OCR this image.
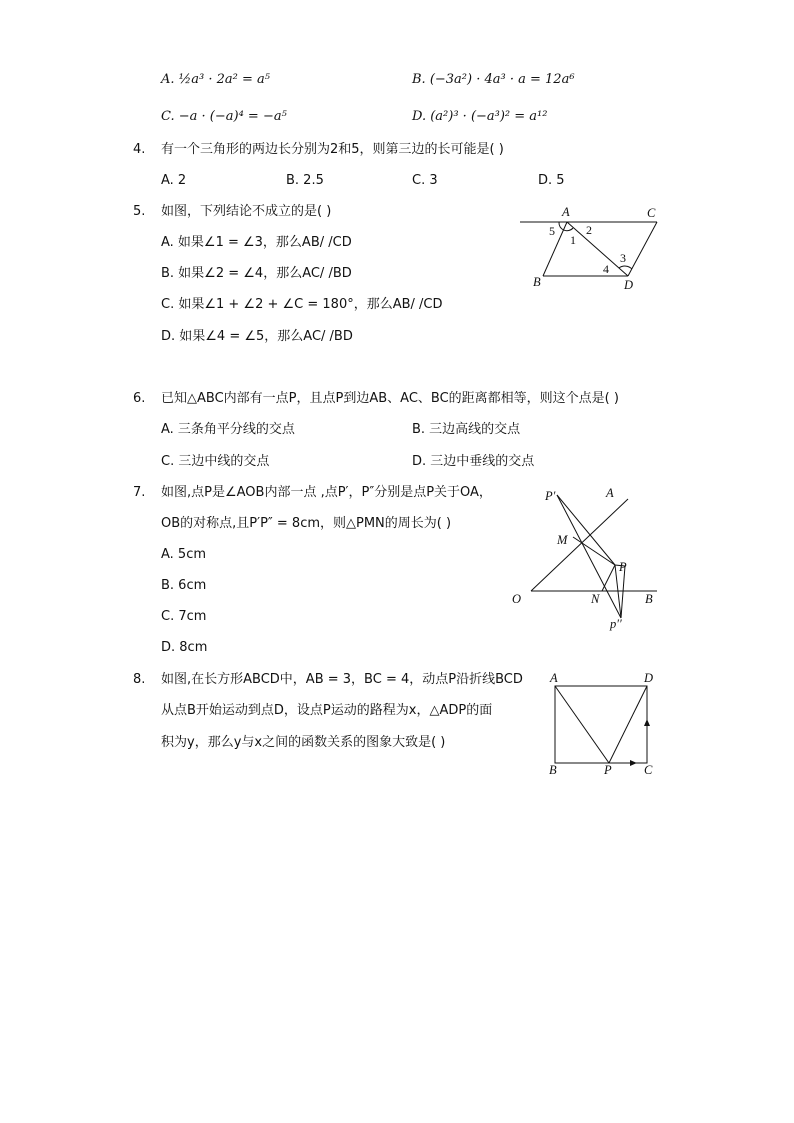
A. ½a³ · 2a² = a⁵	B. (−3a²) · 4a³ · a = 12a⁶
C. −a · (−a)⁴ = −a⁵	D. (a²)³ · (−a³)² = a¹²
4. 有一个三角形的两边长分别为2和5，则第三边的长可能是( )
A. 2	B. 2.5	C. 3	D. 5
5. 如图，下列结论不成立的是( )
A. 如果∠1 = ∠3，那么AB/ /CD
B. 如果∠2 = ∠4，那么AC/ /BD
C. 如果∠1 + ∠2 + ∠C = 180°，那么AB/ /CD
D. 如果∠4 = ∠5，那么AC/ /BD
A	C
B	D
5
1
2
3
4
6. 已知△ABC内部有一点P，且点P到边AB、AC、BC的距离都相等，则这个点是( )
A. 三条角平分线的交点	B. 三边高线的交点
C. 三边中线的交点	D. 三边中垂线的交点
7. 如图,点P是∠AOB内部一点 ,点P′，P″分别是点P关于OA，
OB的对称点,且P′P″ = 8cm，则△PMN的周长为( )
A. 5cm
B. 6cm
C. 7cm
D. 8cm
P′	A
M
P
O	N	B
p′′
8. 如图,在长方形ABCD中，AB = 3，BC = 4，动点P沿折线BCD
从点B开始运动到点D，设点P运动的路程为x，△ADP的面
积为y，那么y与x之间的函数关系的图象大致是( )
A	D
B	P	C
